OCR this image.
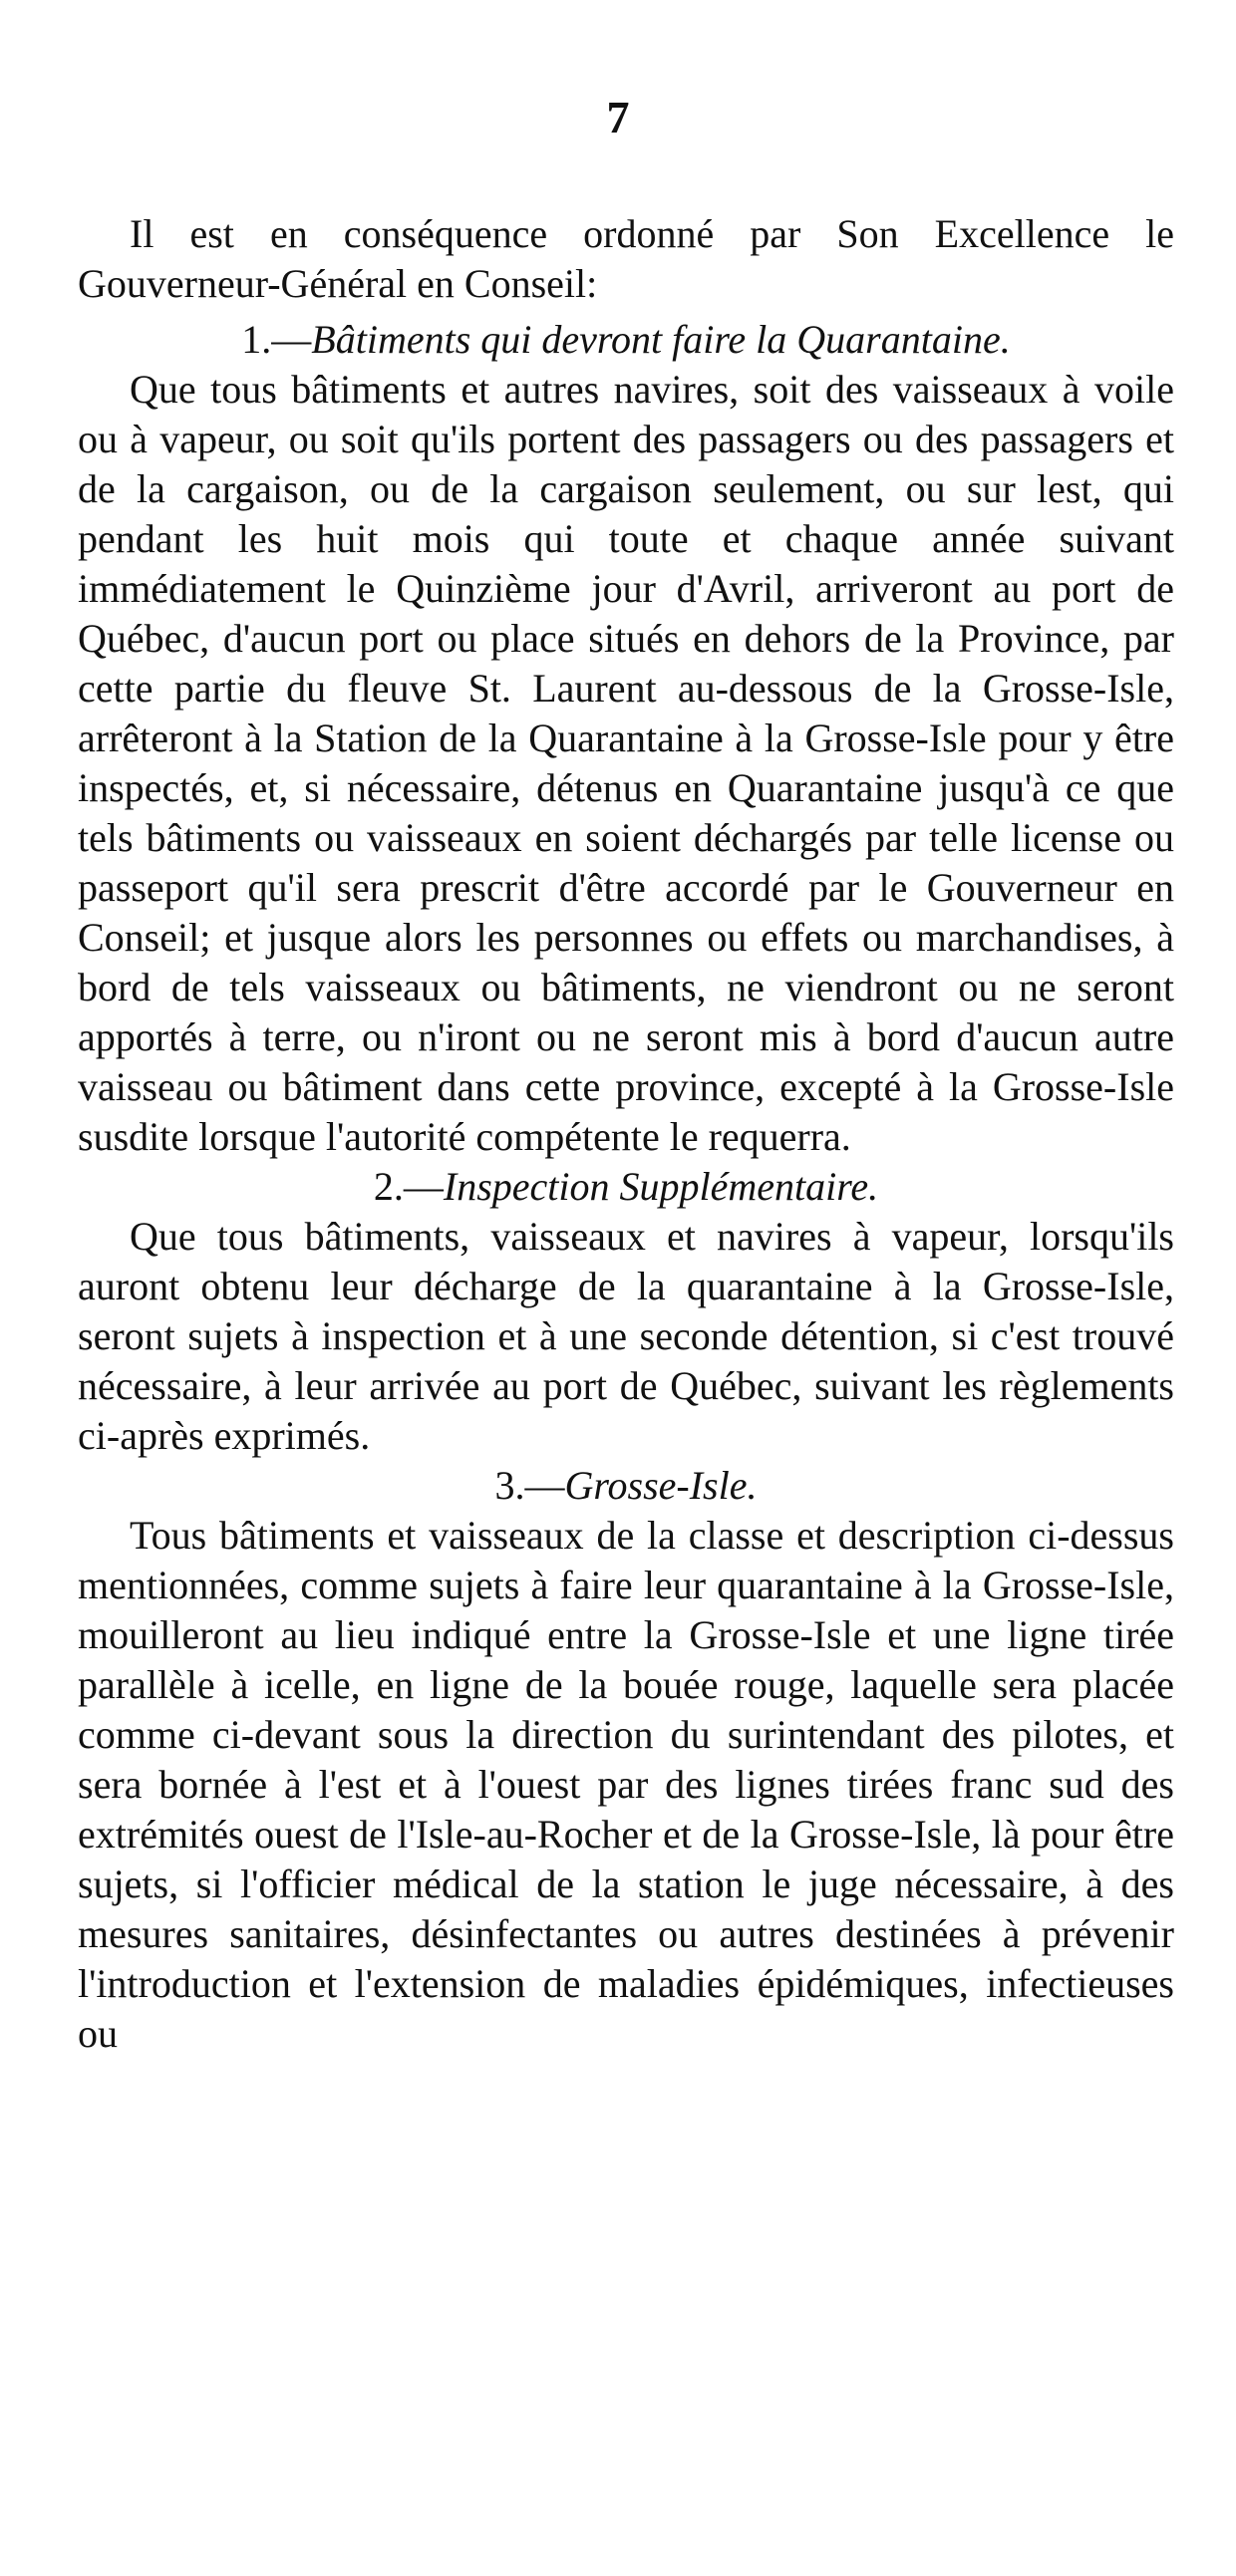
7

Il est en conséquence ordonné par Son Excellence le Gouverneur-Général en Conseil:

1.—Bâtiments qui devront faire la Quarantaine.

Que tous bâtiments et autres navires, soit des vaisseaux à voile ou à vapeur, ou soit qu'ils portent des passagers ou des passagers et de la cargaison, ou de la cargaison seulement, ou sur lest, qui pendant les huit mois qui toute et chaque année suivant immédiatement le Quinzième jour d'Avril, arriveront au port de Québec, d'aucun port ou place situés en dehors de la Province, par cette partie du fleuve St. Laurent au-dessous de la Grosse-Isle, arrêteront à la Station de la Quarantaine à la Grosse-Isle pour y être inspectés, et, si nécessaire, détenus en Quarantaine jusqu'à ce que tels bâtiments ou vaisseaux en soient déchargés par telle license ou passeport qu'il sera prescrit d'être accordé par le Gouverneur en Conseil; et jusque alors les personnes ou effets ou marchandises, à bord de tels vaisseaux ou bâtiments, ne viendront ou ne seront apportés à terre, ou n'iront ou ne seront mis à bord d'aucun autre vaisseau ou bâtiment dans cette province, excepté à la Grosse-Isle susdite lorsque l'autorité compétente le requerra.

2.—Inspection Supplémentaire.

Que tous bâtiments, vaisseaux et navires à vapeur, lorsqu'ils auront obtenu leur décharge de la quarantaine à la Grosse-Isle, seront sujets à inspection et à une seconde détention, si c'est trouvé nécessaire, à leur arrivée au port de Québec, suivant les règlements ci-après exprimés.

3.—Grosse-Isle.

Tous bâtiments et vaisseaux de la classe et description ci-dessus mentionnées, comme sujets à faire leur quarantaine à la Grosse-Isle, mouilleront au lieu indiqué entre la Grosse-Isle et une ligne tirée parallèle à icelle, en ligne de la bouée rouge, laquelle sera placée comme ci-devant sous la direction du surintendant des pilotes, et sera bornée à l'est et à l'ouest par des lignes tirées franc sud des extrémités ouest de l'Isle-au-Rocher et de la Grosse-Isle, là pour être sujets, si l'officier médical de la station le juge nécessaire, à des mesures sanitaires, désinfectantes ou autres destinées à prévenir l'introduction et l'extension de maladies épidémiques, infectieuses ou
